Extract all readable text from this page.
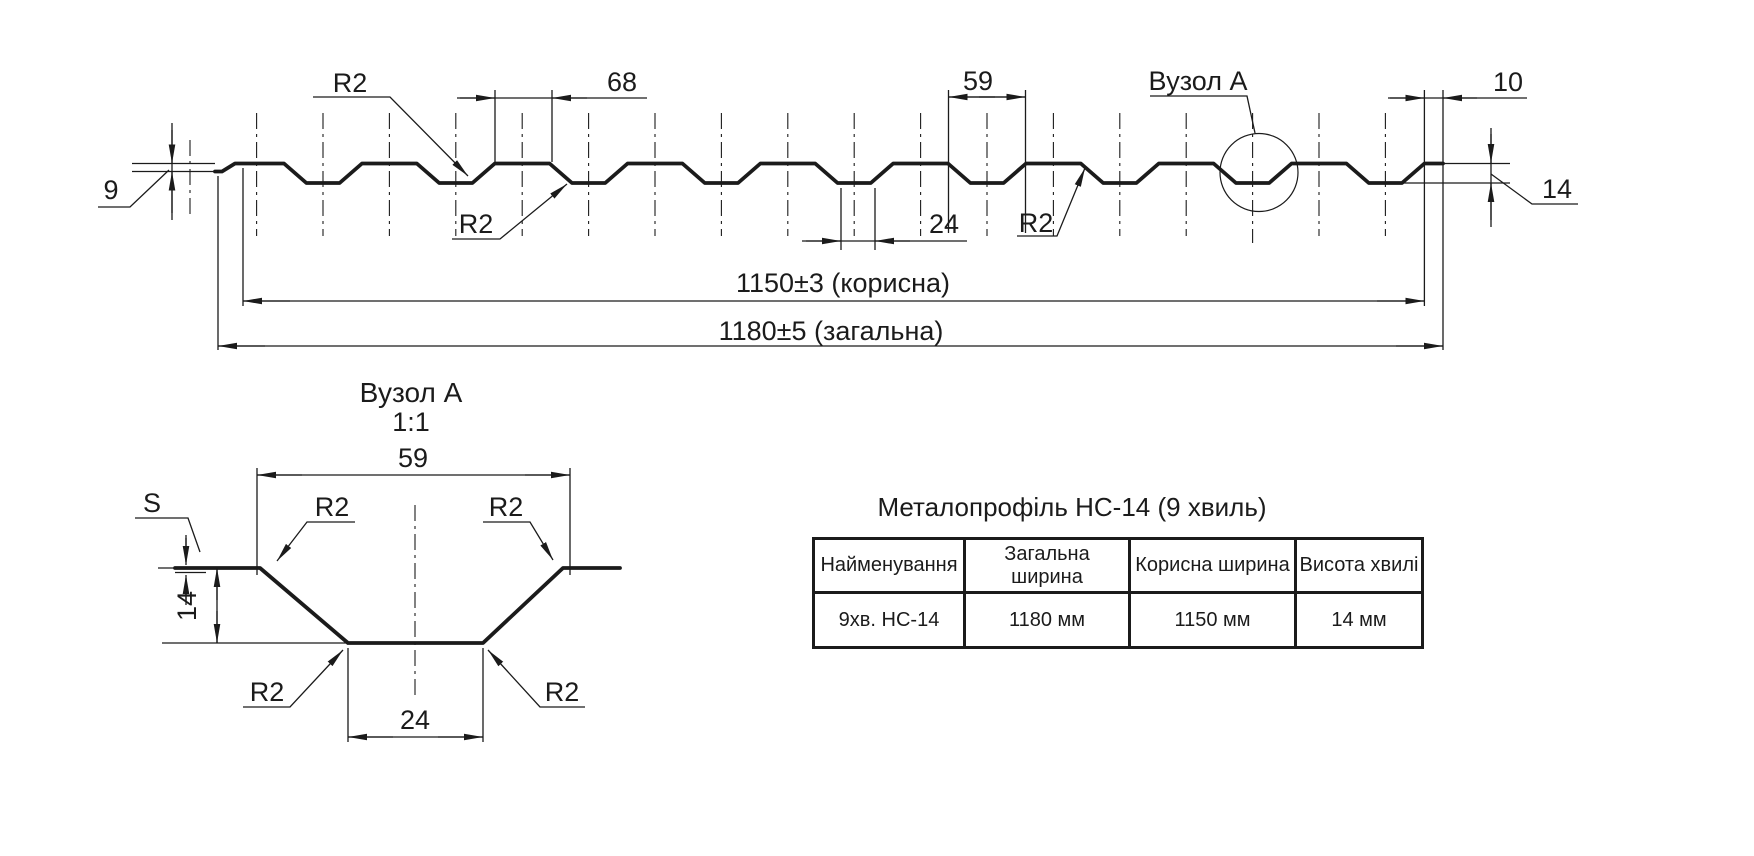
R2	68
R2
59
24 R2
Вузол А	10
14
9
1150±3 (корисна)
1180±5 (загальна)
Вузол А
1:1
59
S	R2	R2
14
R2	R2
24
Металопрофіль НС-14 (9 хвиль)
Найменування	Загальна ширина	Корисна ширина	Висота хвилі
9хв. НС-14	1180 мм	1150 мм	14 мм
